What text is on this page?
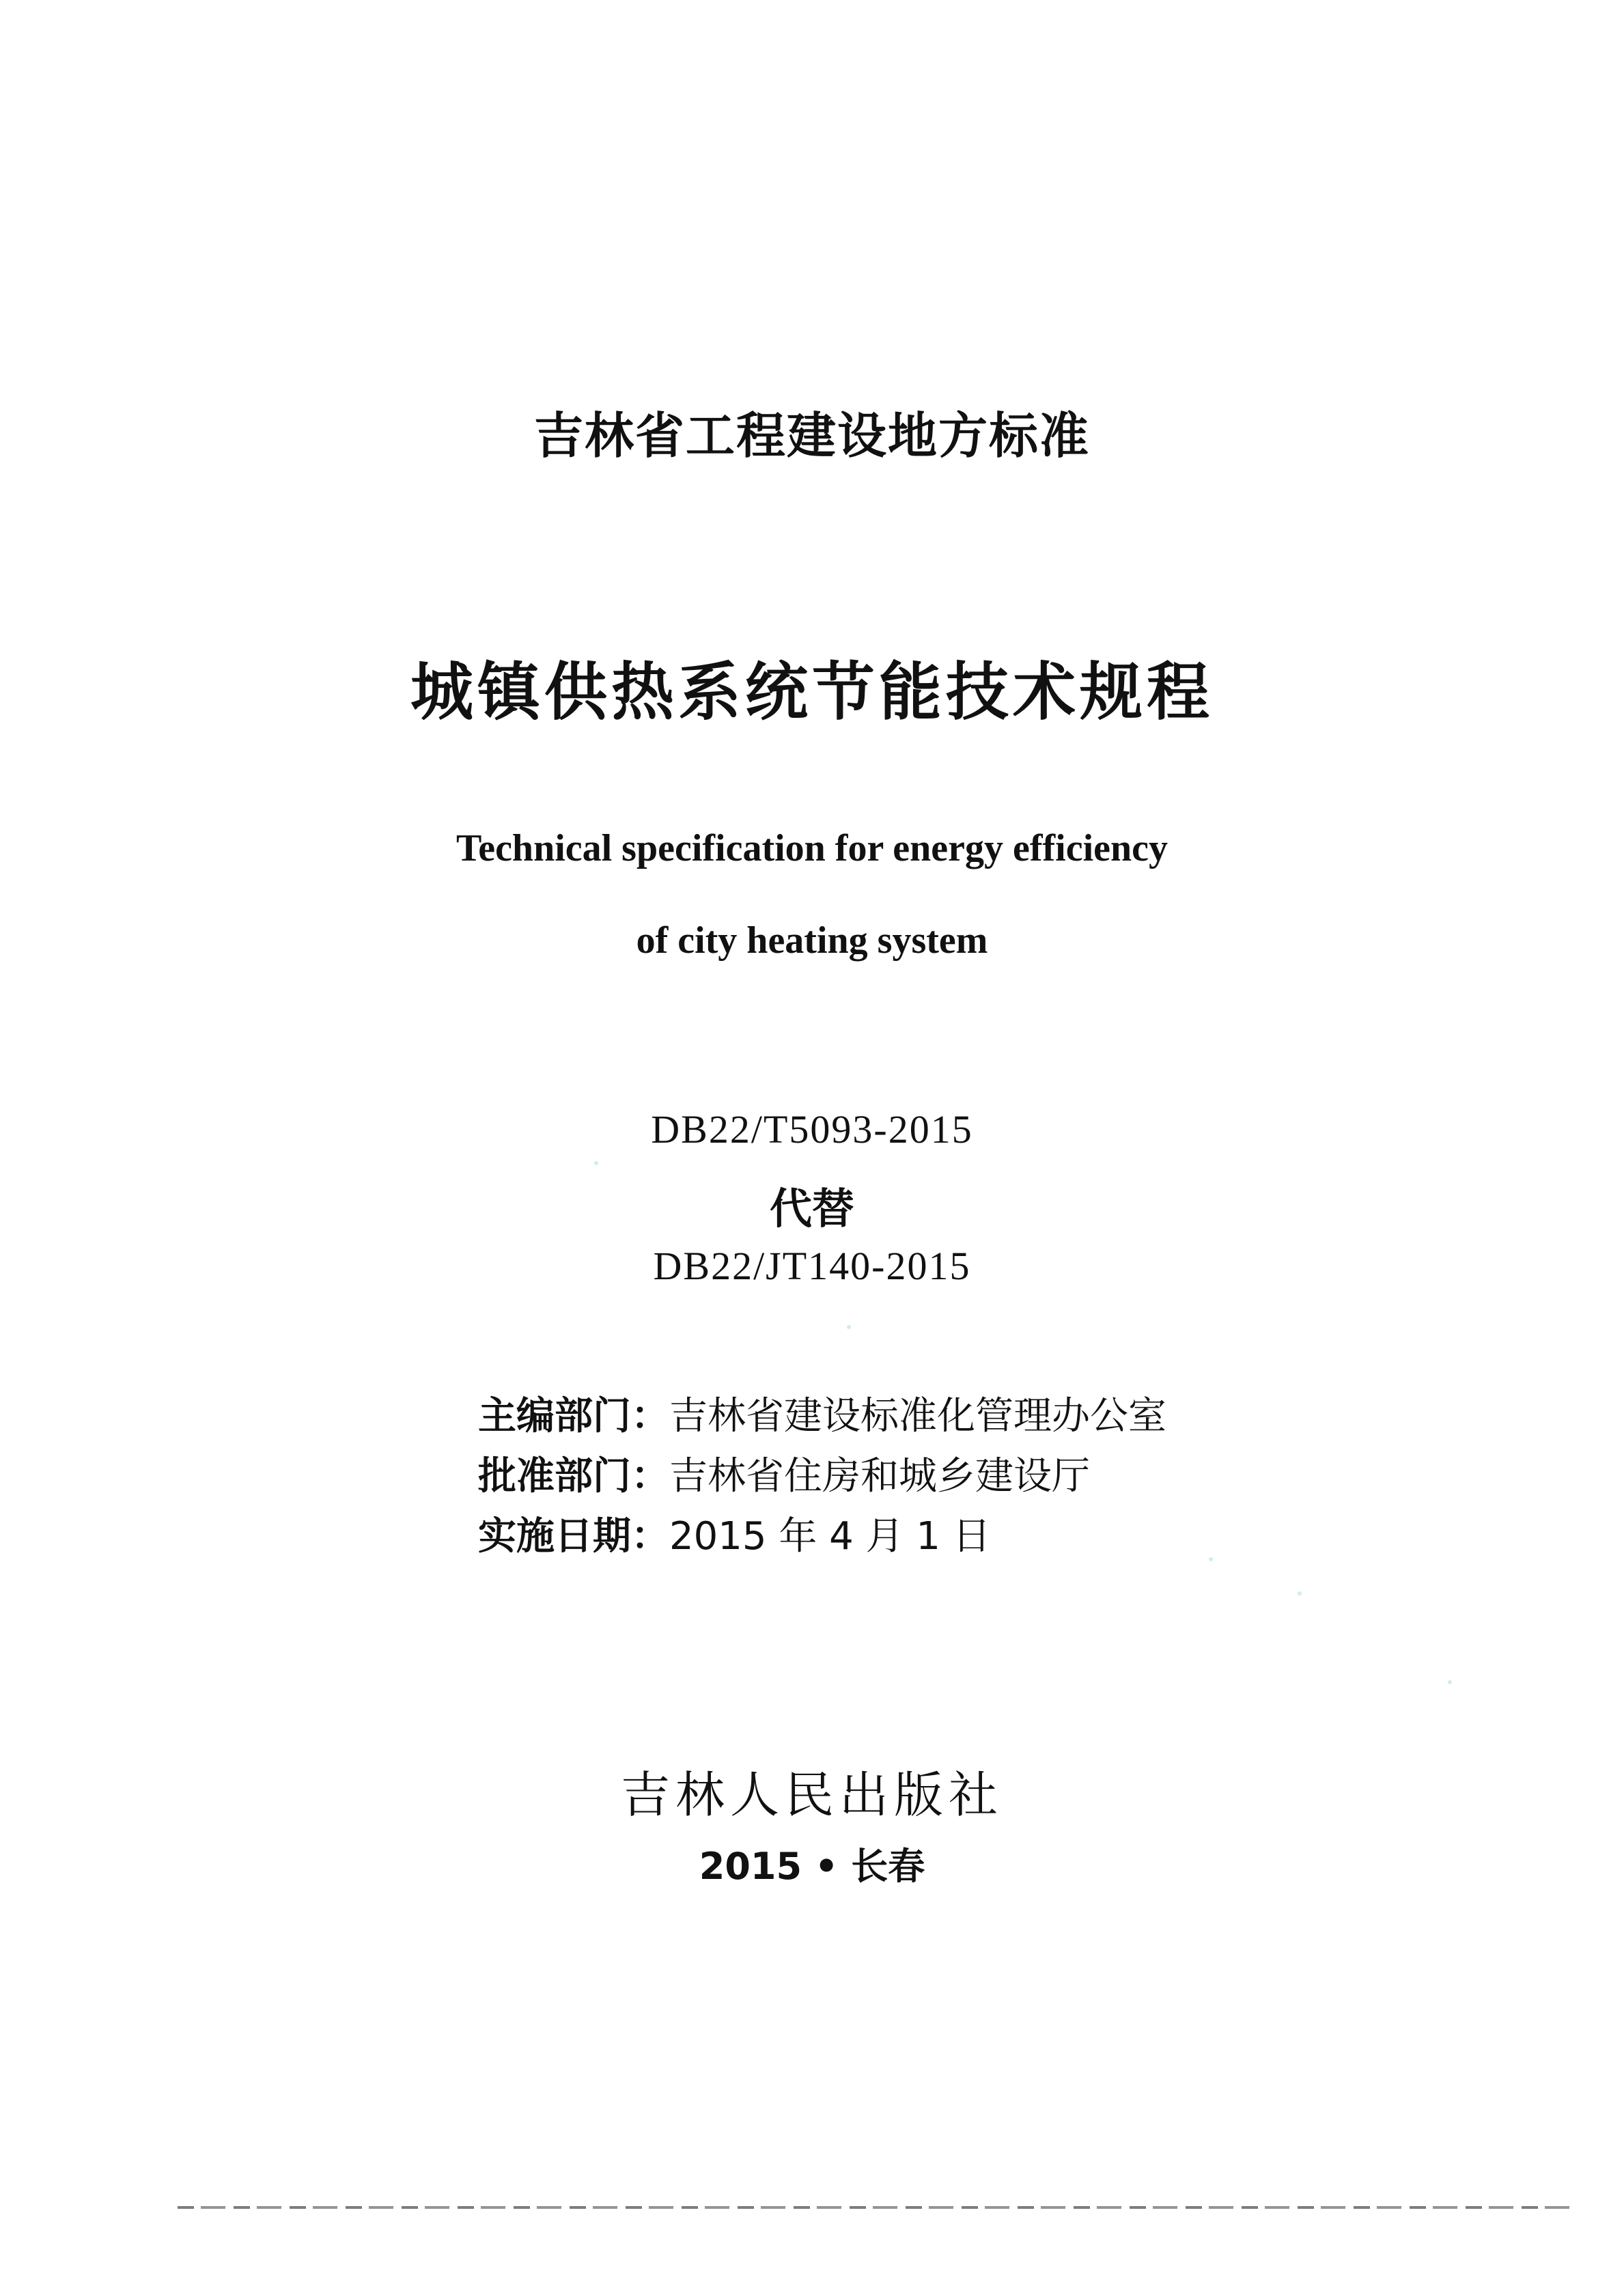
吉林省工程建设地方标准
城镇供热系统节能技术规程
Technical specification for energy efficiency
of city heating system
DB22/T5093-2015
代替
DB22/JT140-2015
主编部门：吉林省建设标准化管理办公室
批准部门：吉林省住房和城乡建设厅
实施日期：2015 年 4 月 1 日
吉林人民出版社
2015 • 长春
